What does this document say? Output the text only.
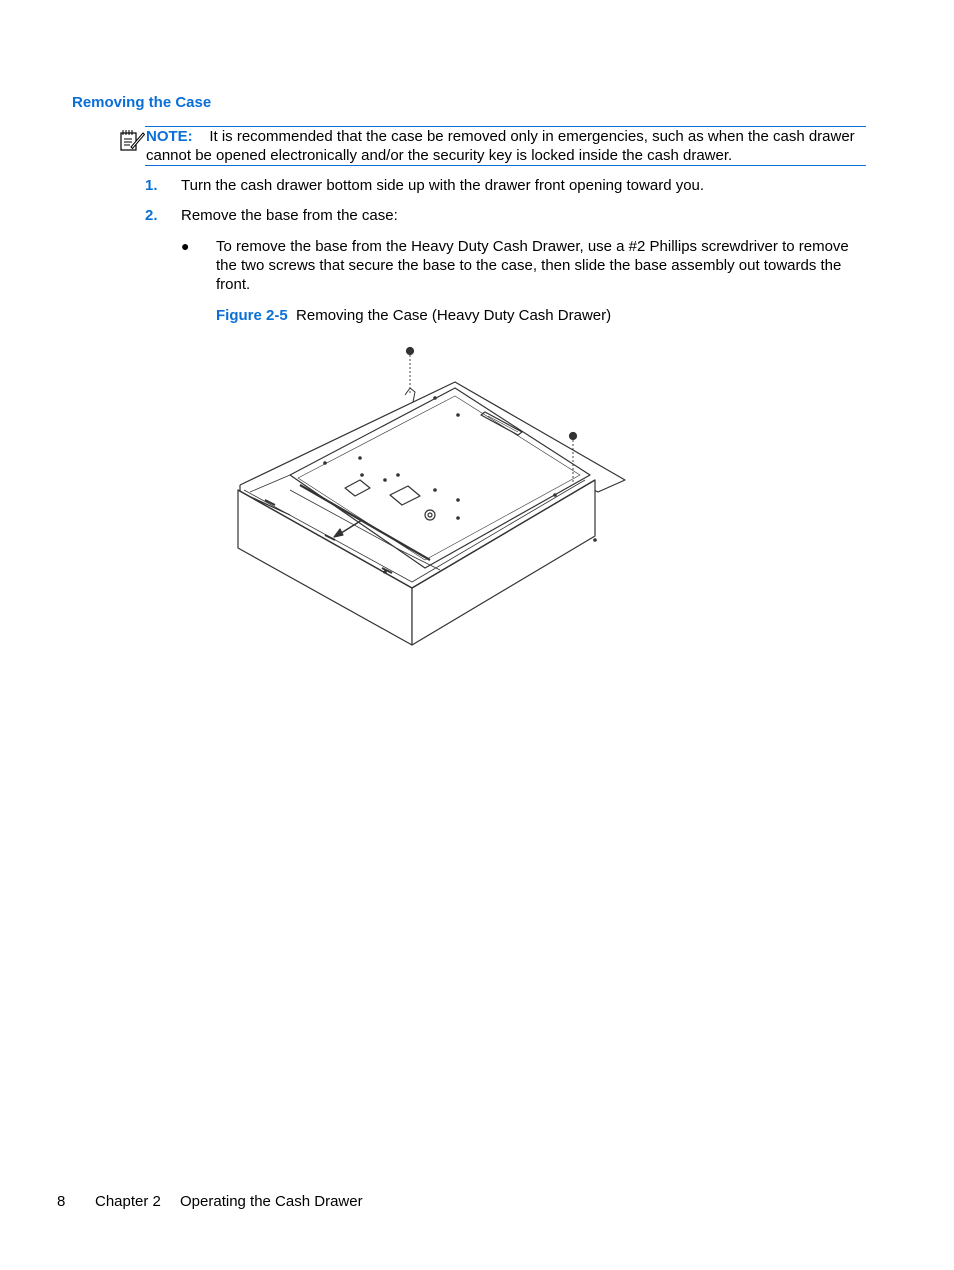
Removing the Case
NOTE: It is recommended that the case be removed only in emergencies, such as when the cash drawer cannot be opened electronically and/or the security key is locked inside the cash drawer.
1. Turn the cash drawer bottom side up with the drawer front opening toward you.
2. Remove the base from the case:
● To remove the base from the Heavy Duty Cash Drawer, use a #2 Phillips screwdriver to remove the two screws that secure the base to the case, then slide the base assembly out towards the front.
Figure 2-5 Removing the Case (Heavy Duty Cash Drawer)
8 Chapter 2 Operating the Cash Drawer
